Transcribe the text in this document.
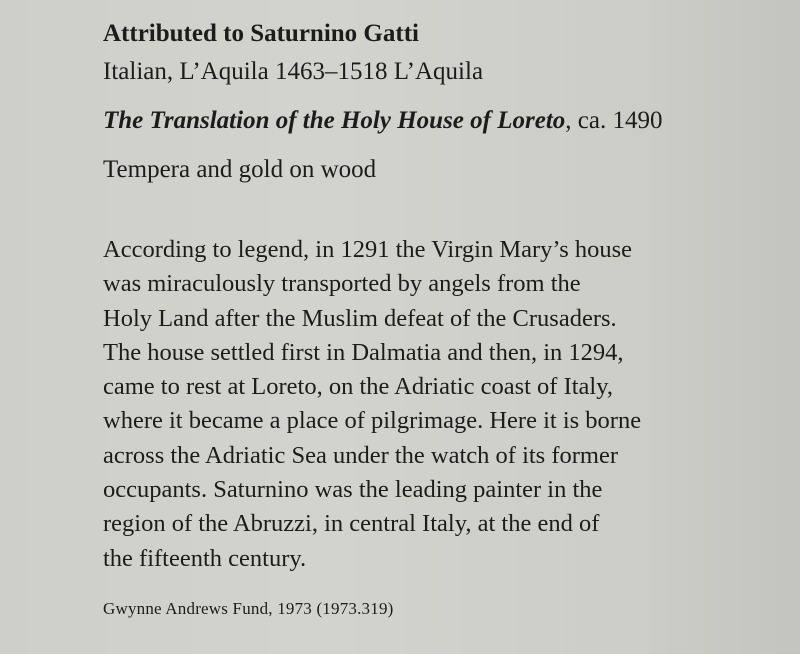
Attributed to Saturnino Gatti
Italian, L’Aquila 1463–1518 L’Aquila
The Translation of the Holy House of Loreto, ca. 1490
Tempera and gold on wood
According to legend, in 1291 the Virgin Mary’s house
was miraculously transported by angels from the
Holy Land after the Muslim defeat of the Crusaders.
The house settled first in Dalmatia and then, in 1294,
came to rest at Loreto, on the Adriatic coast of Italy,
where it became a place of pilgrimage. Here it is borne
across the Adriatic Sea under the watch of its former
occupants. Saturnino was the leading painter in the
region of the Abruzzi, in central Italy, at the end of
the fifteenth century.
Gwynne Andrews Fund, 1973 (1973.319)
